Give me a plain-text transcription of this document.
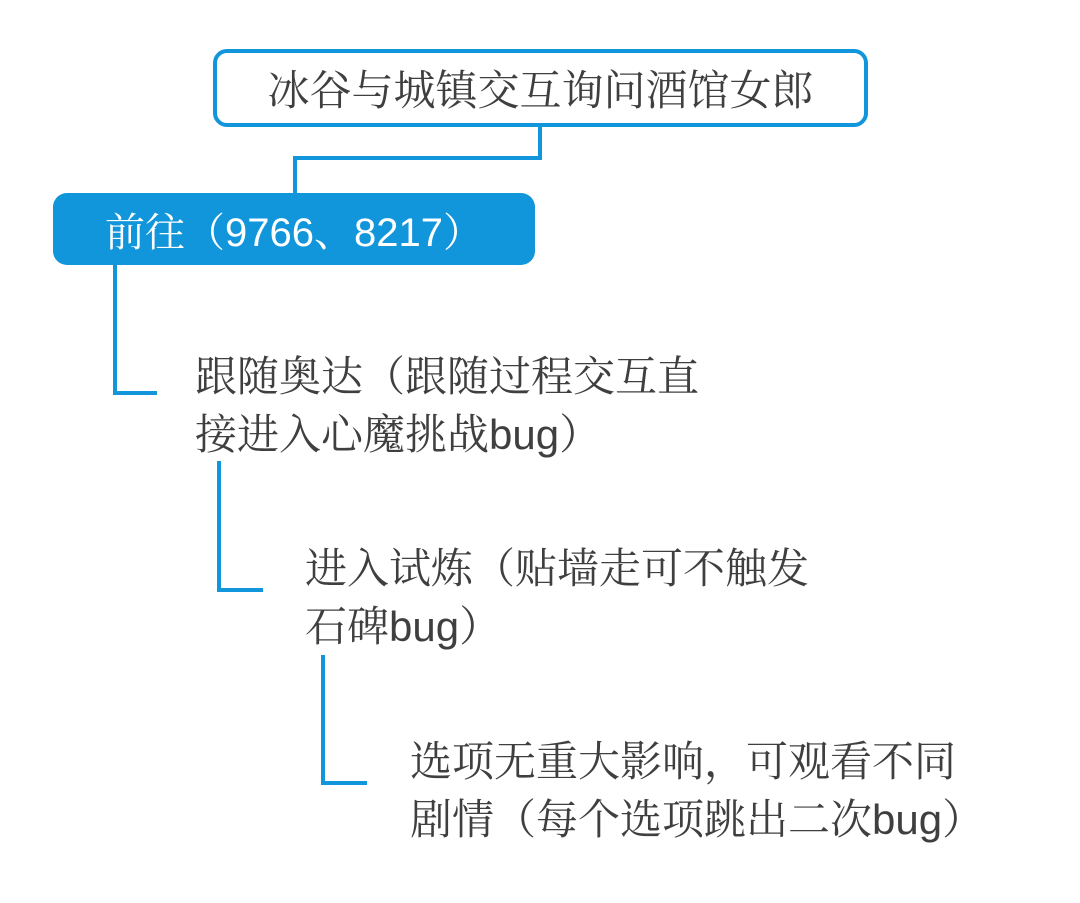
冰谷与城镇交互询问酒馆女郎
前往（9766、8217）
跟随奥达（跟随过程交互直
接进入心魔挑战bug）
进入试炼（贴墙走可不触发
石碑bug）
选项无重大影响，可观看不同
剧情（每个选项跳出二次bug）
